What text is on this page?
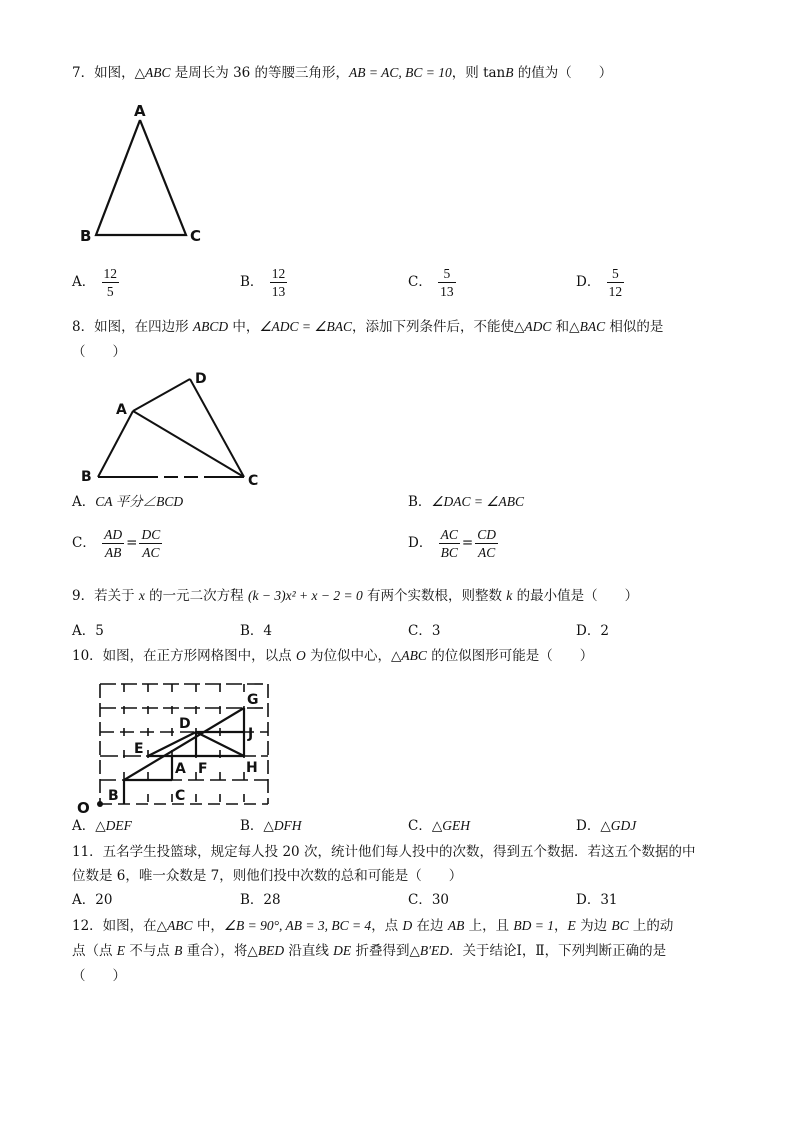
7．如图，△ABC 是周长为 36 的等腰三角形，AB = AC, BC = 10，则 tanB 的值为（　　）
A
B	C
A． $\frac{12}{5}$	B． $\frac{12}{13}$	C． $\frac{5}{13}$	D． $\frac{5}{12}$
8．如图，在四边形 ABCD 中，∠ADC = ∠BAC，添加下列条件后，不能使△ADC 和△BAC 相似的是
（　　）
A
B	C
D
A．CA 平分∠BCD	B．∠DAC = ∠ABC
C． $\frac{AD}{AB} = \frac{DC}{AC}$	D． $\frac{AC}{BC} = \frac{CD}{AC}$
9．若关于 x 的一元二次方程 (k − 3)x² + x − 2 = 0 有两个实数根，则整数 k 的最小值是（　　）
A．5	B．4	C．3	D．2
10．如图，在正方形网格图中，以点 O 为位似中心，△ABC 的位似图形可能是（　　）
O
B	C
A F
E
D
G
J
H
A．△DEF	B．△DFH	C．△GEH	D．△GDJ
11．五名学生投篮球，规定每人投 20 次，统计他们每人投中的次数，得到五个数据．若这五个数据的中
位数是 6，唯一众数是 7，则他们投中次数的总和可能是（　　）
A．20	B．28	C．30	D．31
12．如图，在△ABC 中，∠B = 90°, AB = 3, BC = 4，点 D 在边 AB 上，且 BD = 1，E 为边 BC 上的动
点（点 E 不与点 B 重合），将△BED 沿直线 DE 折叠得到△B′ED．关于结论Ⅰ，Ⅱ，下列判断正确的是
（　　）
